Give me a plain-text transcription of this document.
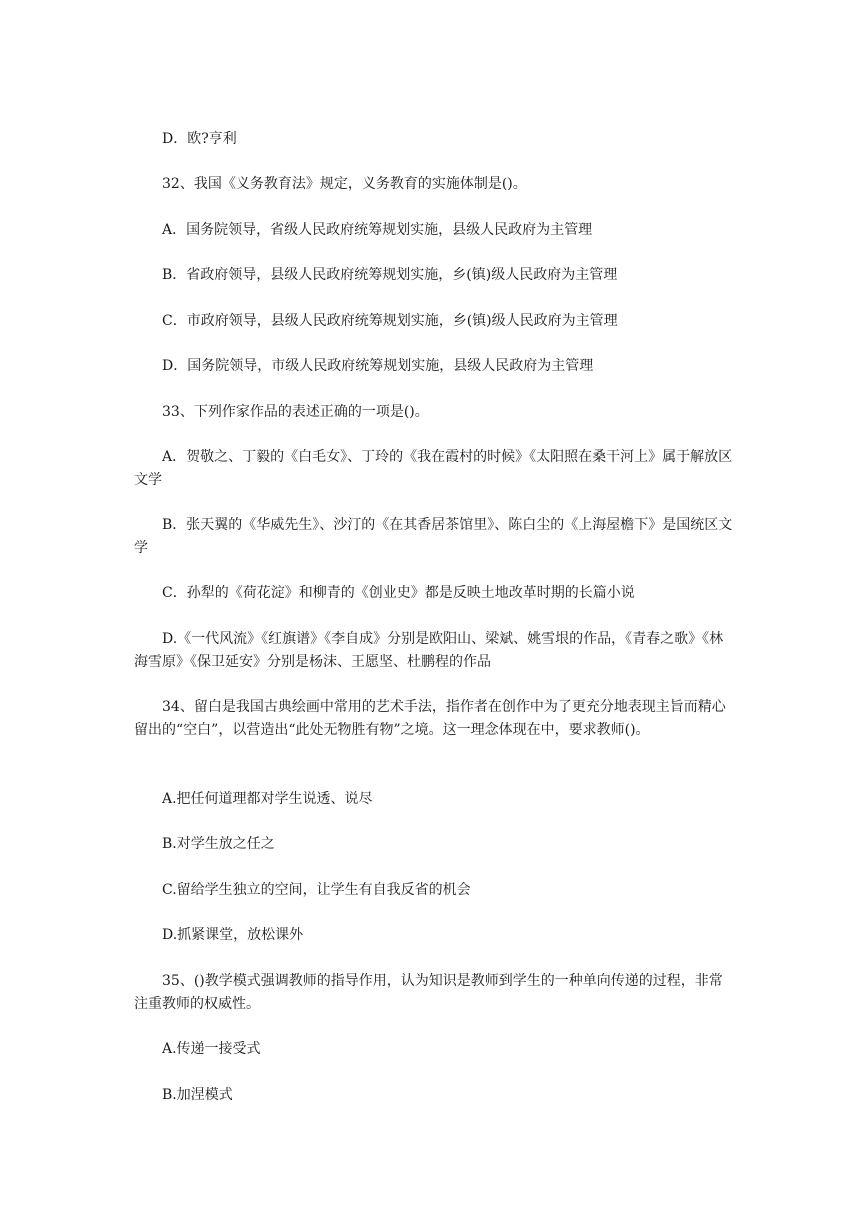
D．欧?亨利

32、我国《义务教育法》规定，义务教育的实施体制是()。

A．国务院领导，省级人民政府统筹规划实施，县级人民政府为主管理

B．省政府领导，县级人民政府统筹规划实施，乡(镇)级人民政府为主管理

C．市政府领导，县级人民政府统筹规划实施，乡(镇)级人民政府为主管理

D．国务院领导，市级人民政府统筹规划实施，县级人民政府为主管理

33、下列作家作品的表述正确的一项是()。

A．贺敬之、丁毅的《白毛女》、丁玲的《我在霞村的时候》《太阳照在桑干河上》属于解放区文学

B．张天翼的《华威先生》、沙汀的《在其香居茶馆里》、陈白尘的《上海屋檐下》是国统区文学

C．孙犁的《荷花淀》和柳青的《创业史》都是反映土地改革时期的长篇小说

D.《一代风流》《红旗谱》《李自成》分别是欧阳山、梁斌、姚雪垠的作品，《青春之歌》《林海雪原》《保卫延安》分别是杨沫、王愿坚、杜鹏程的作品

34、留白是我国古典绘画中常用的艺术手法，指作者在创作中为了更充分地表现主旨而精心留出的“空白”，以营造出“此处无物胜有物”之境。这一理念体现在中，要求教师()。

A.把任何道理都对学生说透、说尽

B.对学生放之任之

C.留给学生独立的空间，让学生有自我反省的机会

D.抓紧课堂，放松课外

35、()教学模式强调教师的指导作用，认为知识是教师到学生的一种单向传递的过程，非常注重教师的权威性。

A.传递一接受式

B.加涅模式
